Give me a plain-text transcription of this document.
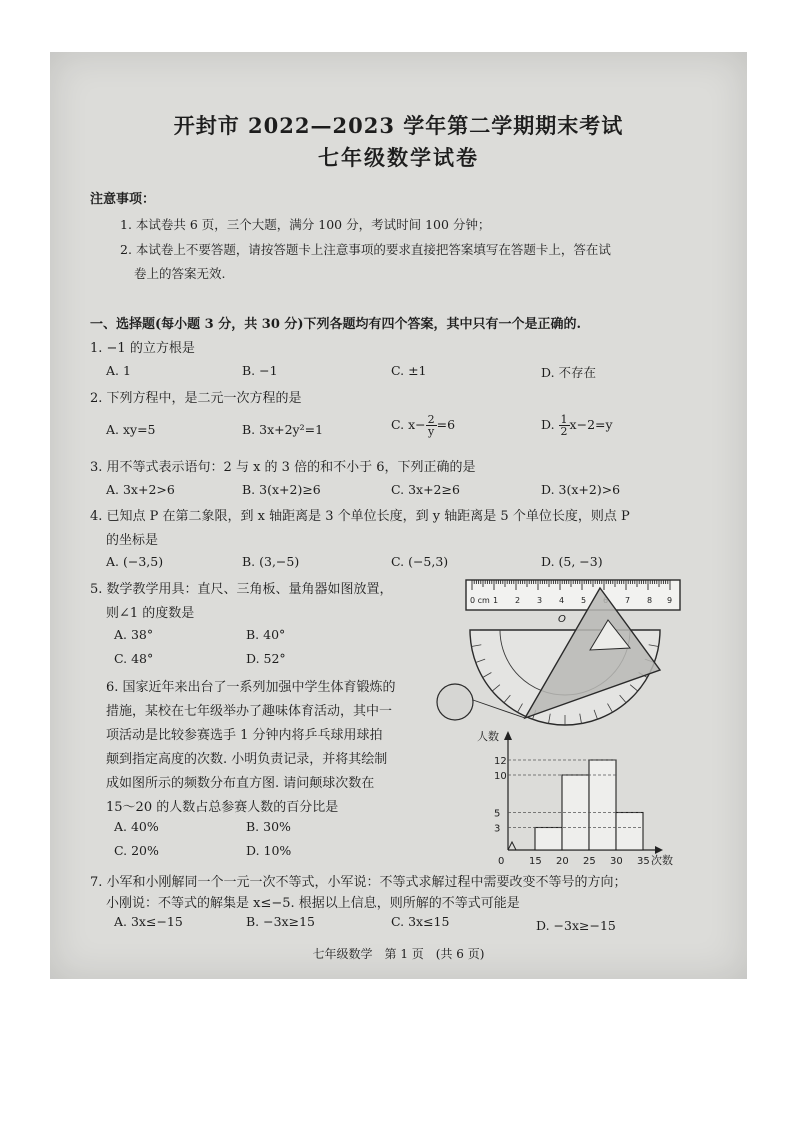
开封市 2022—2023 学年第二学期期末考试
七年级数学试卷
注意事项：
1. 本试卷共 6 页，三个大题，满分 100 分，考试时间 100 分钟；
2. 本试卷上不要答题，请按答题卡上注意事项的要求直接把答案填写在答题卡上，答在试
卷上的答案无效.
一、选择题(每小题 3 分，共 30 分)下列各题均有四个答案，其中只有一个是正确的.
1. −1 的立方根是
A. 1	B. −1	C. ±1	D. 不存在
2. 下列方程中，是二元一次方程的是
A. xy=5	B. 3x+2y²=1	C. $x- \frac{2}{y} =6$	D. $\frac{1}{2} x-2=y$
3. 用不等式表示语句：2 与 x 的 3 倍的和不小于 6，下列正确的是
A. 3x+2>6	B. 3(x+2)≥6	C. 3x+2≥6	D. 3(x+2)>6
4. 已知点 P 在第二象限，到 x 轴距离是 3 个单位长度，到 y 轴距离是 5 个单位长度，则点 P
的坐标是
A. (−3,5)	B. (3,−5)	C. (−5,3)	D. (5, −3)
5. 数学教学用具：直尺、三角板、量角器如图放置，
则∠1 的度数是
A. 38°	B. 40°
C. 48°	D. 52°
0 cm 1 2 3 4 5	7 8 9
O
6. 国家近年来出台了一系列加强中学生体育锻炼的
措施，某校在七年级举办了趣味体育活动，其中一
项活动是比较参赛选手 1 分钟内将乒乓球用球拍
颠到指定高度的次数. 小明负责记录，并将其绘制
成如图所示的频数分布直方图. 请问颠球次数在
15～20 的人数占总参赛人数的百分比是
A. 40%	B. 30%
C. 20%	D. 10%
人数
次数
0 15 20 25 30 35
3
5
10
12
7. 小军和小刚解同一个一元一次不等式，小军说：不等式求解过程中需要改变不等号的方向；
小刚说：不等式的解集是 x≤−5. 根据以上信息，则所解的不等式可能是
A. 3x≤−15	B. −3x≥15	C. 3x≤15	D. −3x≥−15
七年级数学　第 1 页　(共 6 页)
